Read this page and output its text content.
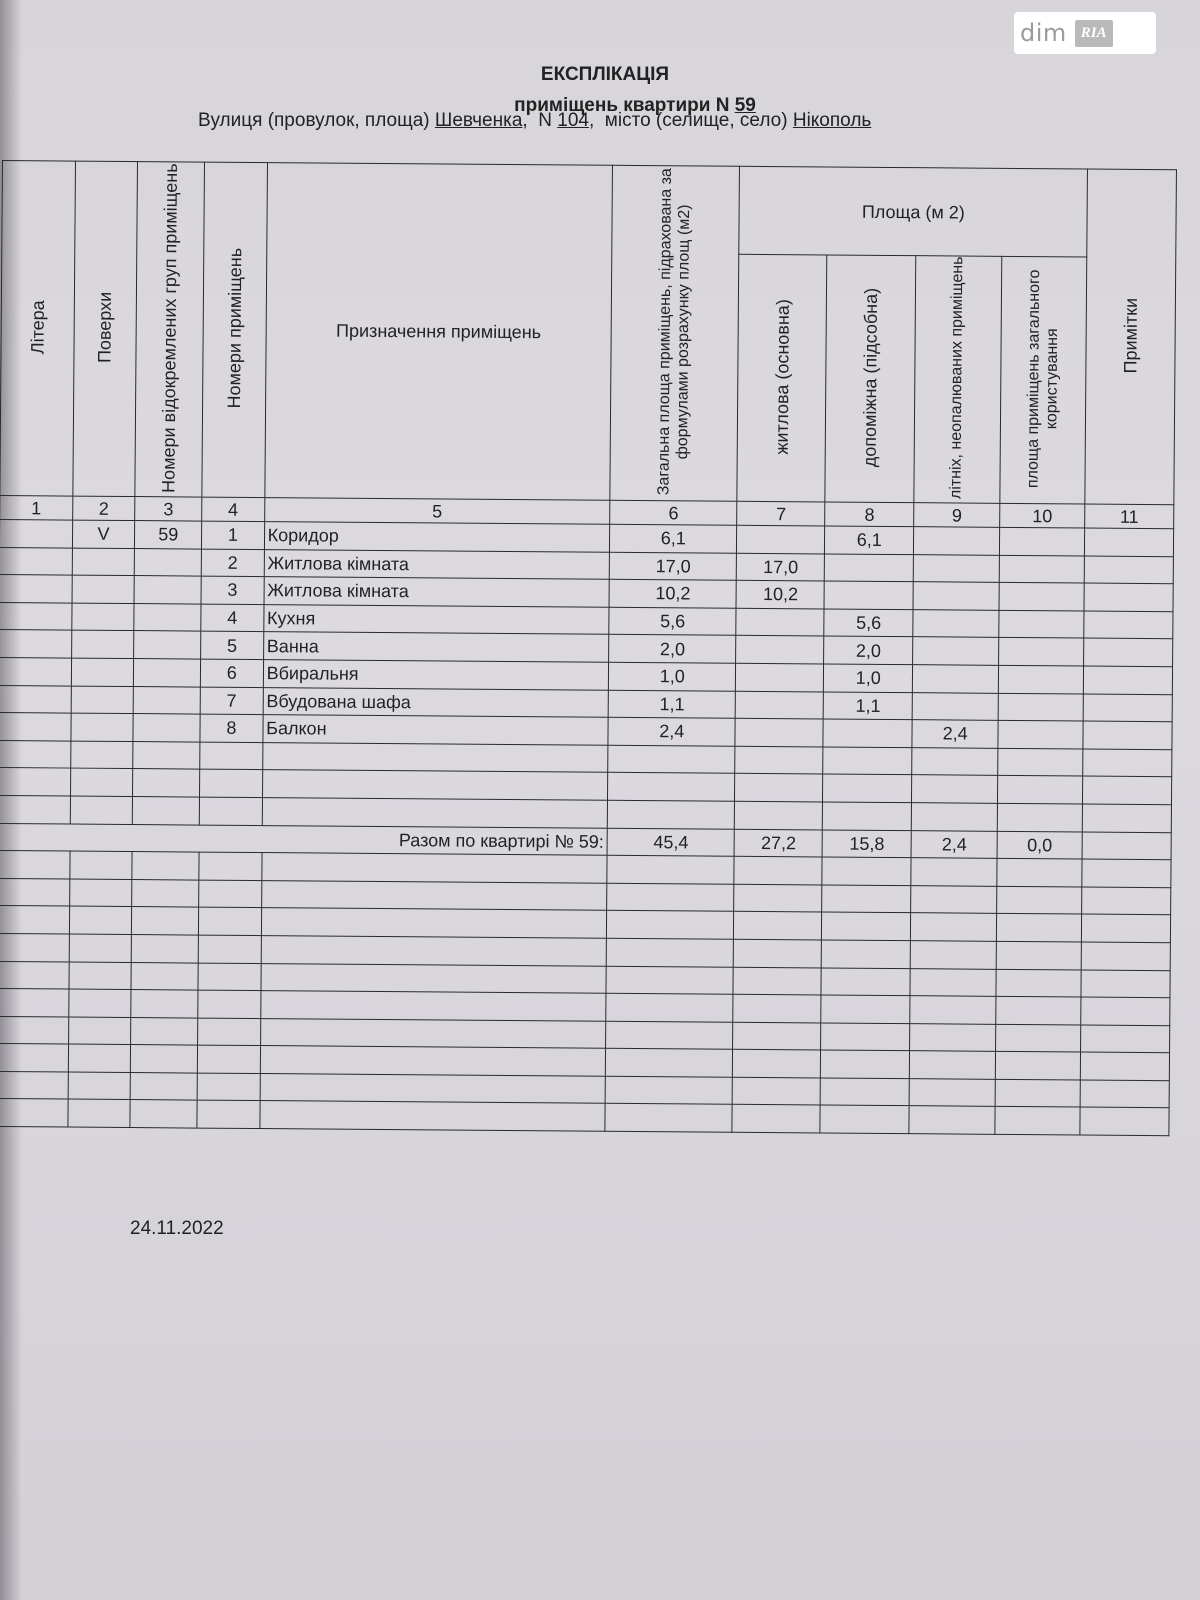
dim RIA
ЕКСПЛІКАЦІЯ
приміщень квартири N 59
Вулиця (провулок, площа) Шевченка,  N 104,  місто (селище, село) Нікополь
Літера	Поверхи	Номери відокремлених груп приміщень	Номери приміщень	Призначення приміщень	Загальна площа приміщень, підрахована за формулами розрахунку площ (м2)	Площа (м 2)				Примітки
						житлова (основна)	допоміжна (підсобна)	літніх, неопалюваних приміщень	площа приміщень загального користування	
1	2	3	4	5	6	7	8	9	10	11
	V	59	1	Коридор	6,1		6,1			
			2	Житлова кімната	17,0	17,0				
			3	Житлова кімната	10,2	10,2				
			4	Кухня	5,6		5,6			
			5	Ванна	2,0		2,0			
			6	Вбиральня	1,0		1,0			
			7	Вбудована шафа	1,1		1,1			
			8	Балкон	2,4			2,4		

Разом по квартирі № 59:					45,4	27,2	15,8	2,4	0,0	

24.11.2022
